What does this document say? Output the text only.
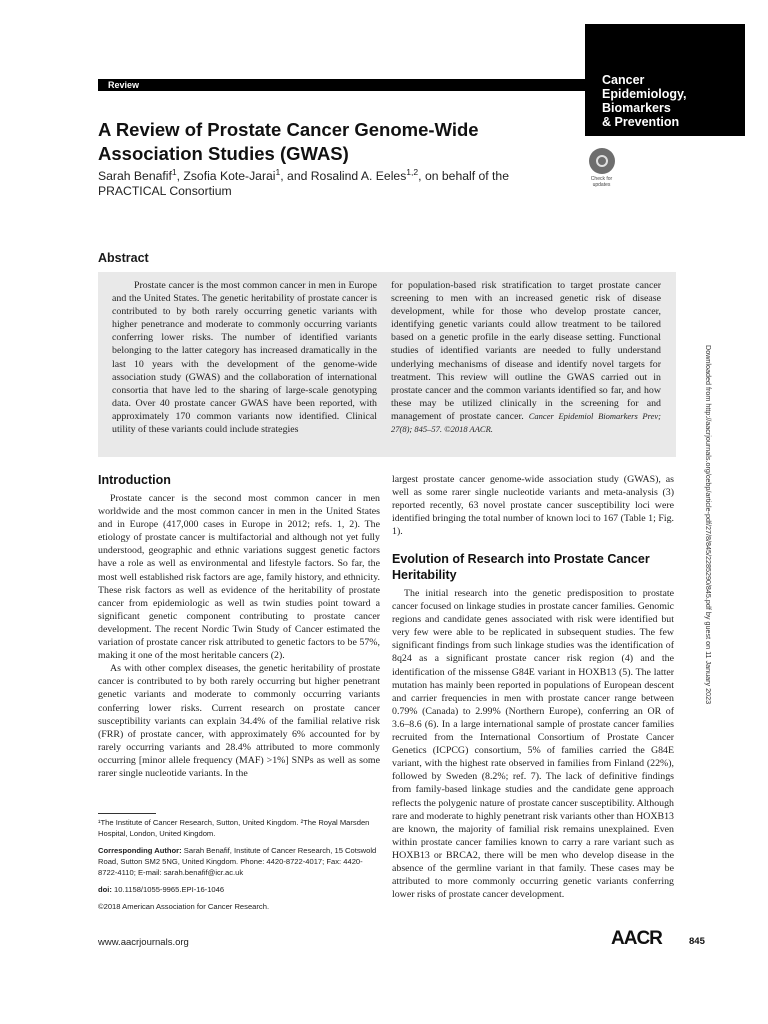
Cancer
Epidemiology,
Biomarkers
& Prevention
Review
A Review of Prostate Cancer Genome-Wide Association Studies (GWAS)
Sarah Benafif$^1$, Zsofia Kote-Jarai$^1$, and Rosalind A. Eeles$^{1,2}$, on behalf of the PRACTICAL Consortium
Check for updates
Abstract

Prostate cancer is the most common cancer in men in Europe and the United States. The genetic heritability of prostate cancer is contributed to by both rarely occurring genetic variants with higher penetrance and moderate to commonly occurring variants conferring lower risks. The number of identified variants belonging to the latter category has increased dramatically in the last 10 years with the development of the genome-wide association study (GWAS) and the collaboration of international consortia that have led to the sharing of large-scale genotyping data. Over 40 prostate cancer GWAS have been reported, with approximately 170 common variants now identified. Clinical utility of these variants could include strategies

for population-based risk stratification to target prostate cancer screening to men with an increased genetic risk of disease development, while for those who develop prostate cancer, identifying genetic variants could allow treatment to be tailored based on a genetic profile in the early disease setting. Functional studies of identified variants are needed to fully understand underlying mechanisms of disease and identify novel targets for treatment. This review will outline the GWAS carried out in prostate cancer and the common variants identified so far, and how these may be utilized clinically in the screening for and management of prostate cancer. Cancer Epidemiol Biomarkers Prev; 27(8); 845–57. ©2018 AACR.	Downloaded from http://aacrjournals.org/cebp/article-pdf/27/8/845/2285290/845.pdf by guest on 11 January 2023
Introduction

Prostate cancer is the second most common cancer in men worldwide and the most common cancer in men in the United States and in Europe (417,000 cases in Europe in 2012; refs. 1, 2). The etiology of prostate cancer is multifactorial and although not yet fully understood, geographic and ethnic variations suggest genetic factors have a role as well as environmental and lifestyle factors. So far, the most well established risk factors are age, family history, and ethnicity. These risk factors as well as evidence of the heritability of prostate cancer from epidemiologic as well as twin studies point toward a significant genetic component contributing to prostate cancer development. The recent Nordic Twin Study of Cancer estimated the variation of prostate cancer risk attributed to genetic factors to be 57%, making it one of the most heritable cancers (2).

As with other complex diseases, the genetic heritability of prostate cancer is contributed to by both rarely occurring but higher penetrant genetic variants and moderate to commonly occurring variants conferring lower risks. Current research on prostate cancer susceptibility variants can explain 34.4% of the familial relative risk (FRR) of prostate cancer, with approximately 6% accounted for by rarely occurring variants and 28.4% attributed to more commonly occurring [minor allele frequency (MAF) >1%] SNPs as well as some rarer single nucleotide variants. In the

largest prostate cancer genome-wide association study (GWAS), as well as some rarer single nucleotide variants and meta-analysis (3) reported recently, 63 novel prostate cancer susceptibility loci were identified bringing the total number of known loci to 167 (Table 1; Fig. 1).

Evolution of Research into Prostate Cancer Heritability

The initial research into the genetic predisposition to prostate cancer focused on linkage studies in prostate cancer families. Genomic regions and candidate genes associated with risk were identified but very few were able to be replicated in subsequent studies. The few significant findings from such linkage studies was the identification of 8q24 as a significant prostate cancer risk region (4) and the identification of the missense G84E variant in HOXB13 (5). The latter mutation has mainly been reported in populations of European descent and carrier frequencies in men with prostate cancer range between 0.79% (Canada) to 2.99% (Northern Europe), conferring an OR of 3.6–8.6 (6). In a large international sample of prostate cancer families recruited from the International Consortium of Prostate Cancer Genetics (ICPCG) consortium, 5% of families carried the G84E variant, with the highest rate observed in families from Finland (22%), followed by Sweden (8.2%; ref. 7). The lack of definitive findings from family-based linkage studies and the candidate gene approach reflects the polygenic nature of prostate cancer susceptibility. Although rare and moderate to highly penetrant risk variants other than HOXB13 are known, the majority of familial risk remains unexplained. Even within prostate cancer families known to carry a rare variant such as HOXB13 or BRCA2, there will be men who develop disease in the absence of the germline variant in that family. These cases may be attributed to more commonly occurring genetic variants conferring lower risks of prostate cancer development.

¹The Institute of Cancer Research, Sutton, United Kingdom. ²The Royal Marsden Hospital, London, United Kingdom.

Corresponding Author: Sarah Benafif, Institute of Cancer Research, 15 Cotswold Road, Sutton SM2 5NG, United Kingdom. Phone: 4420-8722-4017; Fax: 4420-8722-4110; E-mail: sarah.benafif@icr.ac.uk

doi: 10.1158/1055-9965.EPI-16-1046

©2018 American Association for Cancer Research.

www.aacrjournals.org	AACR	845
